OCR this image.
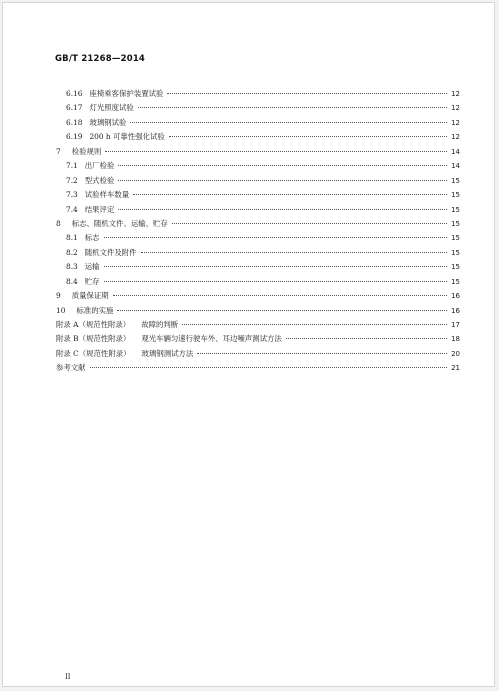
GB/T 21268—2014
6.16 座椅乘客保护装置试验	12
6.17 灯光照度试验	12
6.18 玻璃钢试验	12
6.19 200 h 可靠性强化试验	12
7 检验规则	14
7.1 出厂检验	14
7.2 型式检验	15
7.3 试验样车数量	15
7.4 结果评定	15
8 标志、随机文件、运输、贮存	15
8.1 标志	15
8.2 随机文件及附件	15
8.3 运输	15
8.4 贮存	15
9 质量保证期	16
10 标准的实施	16
附录 A（规范性附录） 故障的判断	17
附录 B（规范性附录） 观光车辆匀速行驶车外、耳边噪声测试方法	18
附录 C（规范性附录） 玻璃钢测试方法	20
参考文献	21
II
